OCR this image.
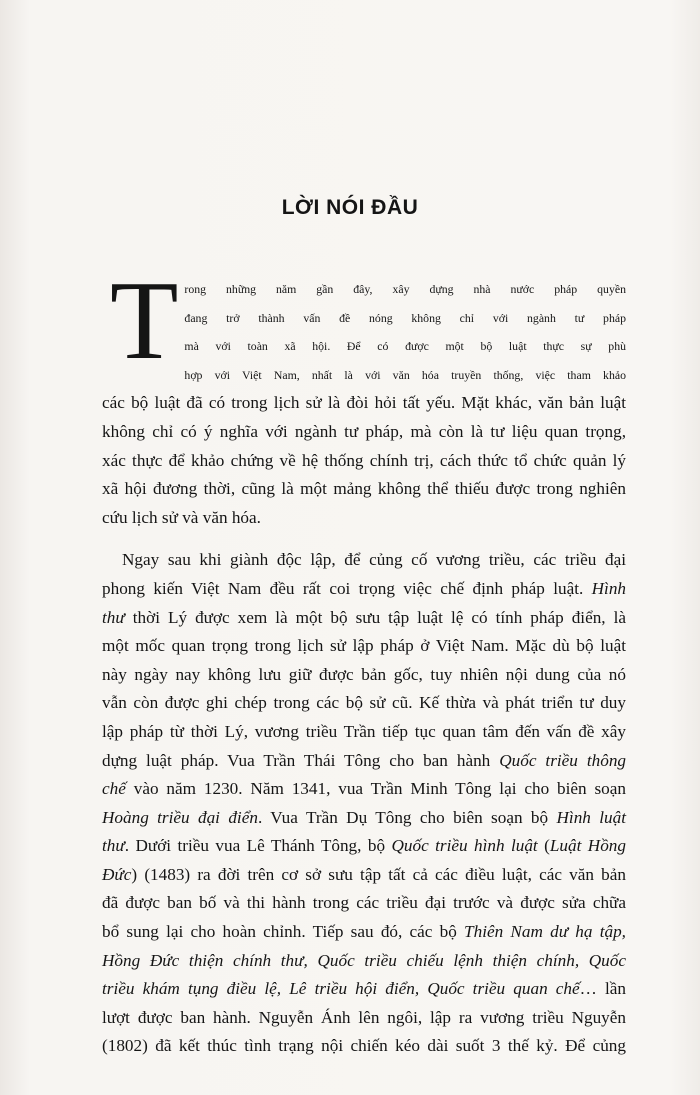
LỜI NÓI ĐẦU
T rong những năm gần đây, xây dựng nhà nước pháp quyền
đang trở thành vấn đề nóng không chỉ với ngành tư pháp
mà với toàn xã hội. Để có được một bộ luật thực sự phù
hợp với Việt Nam, nhất là với văn hóa truyền thống, việc tham khảo
các bộ luật đã có trong lịch sử là đòi hỏi tất yếu. Mặt khác, văn bản luật
không chỉ có ý nghĩa với ngành tư pháp, mà còn là tư liệu quan trọng,
xác thực để khảo chứng về hệ thống chính trị, cách thức tổ chức quản lý
xã hội đương thời, cũng là một mảng không thể thiếu được trong nghiên
cứu lịch sử và văn hóa.
Ngay sau khi giành độc lập, để củng cố vương triều, các triều đại
phong kiến Việt Nam đều rất coi trọng việc chế định pháp luật. Hình
thư thời Lý được xem là một bộ sưu tập luật lệ có tính pháp điển, là
một mốc quan trọng trong lịch sử lập pháp ở Việt Nam. Mặc dù bộ luật
này ngày nay không lưu giữ được bản gốc, tuy nhiên nội dung của nó
vẫn còn được ghi chép trong các bộ sử cũ. Kế thừa và phát triển tư duy
lập pháp từ thời Lý, vương triều Trần tiếp tục quan tâm đến vấn đề xây
dựng luật pháp. Vua Trần Thái Tông cho ban hành Quốc triều thông
chế vào năm 1230. Năm 1341, vua Trần Minh Tông lại cho biên soạn
Hoàng triều đại điển. Vua Trần Dụ Tông cho biên soạn bộ Hình luật
thư. Dưới triều vua Lê Thánh Tông, bộ Quốc triều hình luật (Luật Hồng
Đức) (1483) ra đời trên cơ sở sưu tập tất cả các điều luật, các văn bản
đã được ban bố và thi hành trong các triều đại trước và được sửa chữa
bổ sung lại cho hoàn chỉnh. Tiếp sau đó, các bộ Thiên Nam dư hạ tập,
Hồng Đức thiện chính thư, Quốc triều chiếu lệnh thiện chính, Quốc
triều khám tụng điều lệ, Lê triều hội điển, Quốc triều quan chế… lần
lượt được ban hành. Nguyễn Ánh lên ngôi, lập ra vương triều Nguyễn
(1802) đã kết thúc tình trạng nội chiến kéo dài suốt 3 thế kỷ. Để củng
